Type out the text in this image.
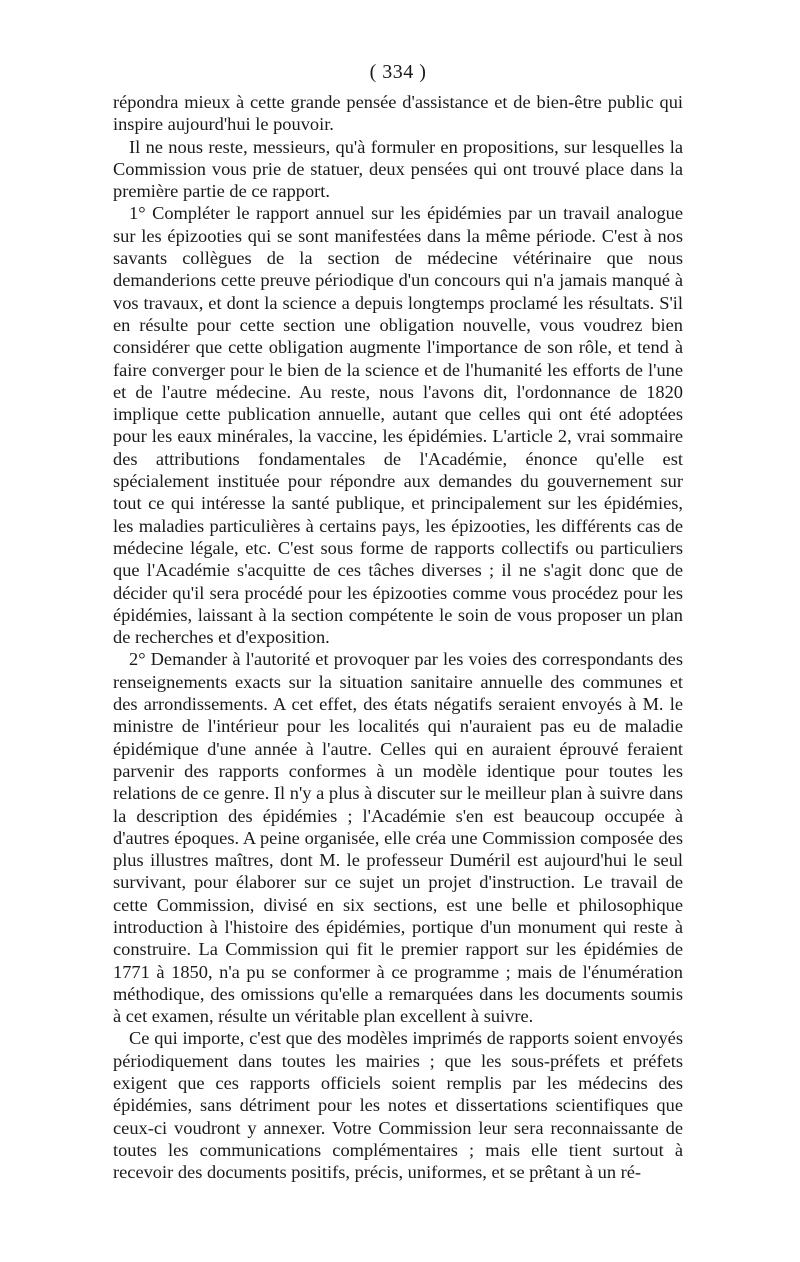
( 334 )

répondra mieux à cette grande pensée d'assistance et de bien-être public qui inspire aujourd'hui le pouvoir.

Il ne nous reste, messieurs, qu'à formuler en propositions, sur lesquelles la Commission vous prie de statuer, deux pensées qui ont trouvé place dans la première partie de ce rapport.

1° Compléter le rapport annuel sur les épidémies par un travail analogue sur les épizooties qui se sont manifestées dans la même période. C'est à nos savants collègues de la section de médecine vétérinaire que nous demanderions cette preuve périodique d'un concours qui n'a jamais manqué à vos travaux, et dont la science a depuis longtemps proclamé les résultats. S'il en résulte pour cette section une obligation nouvelle, vous voudrez bien considérer que cette obligation augmente l'importance de son rôle, et tend à faire converger pour le bien de la science et de l'humanité les efforts de l'une et de l'autre médecine. Au reste, nous l'avons dit, l'ordonnance de 1820 implique cette publication annuelle, autant que celles qui ont été adoptées pour les eaux minérales, la vaccine, les épidémies. L'article 2, vrai sommaire des attributions fondamentales de l'Académie, énonce qu'elle est spécialement instituée pour répondre aux demandes du gouvernement sur tout ce qui intéresse la santé publique, et principalement sur les épidémies, les maladies particulières à certains pays, les épizooties, les différents cas de médecine légale, etc. C'est sous forme de rapports collectifs ou particuliers que l'Académie s'acquitte de ces tâches diverses ; il ne s'agit donc que de décider qu'il sera procédé pour les épizooties comme vous procédez pour les épidémies, laissant à la section compétente le soin de vous proposer un plan de recherches et d'exposition.

2° Demander à l'autorité et provoquer par les voies des correspondants des renseignements exacts sur la situation sanitaire annuelle des communes et des arrondissements. A cet effet, des états négatifs seraient envoyés à M. le ministre de l'intérieur pour les localités qui n'auraient pas eu de maladie épidémique d'une année à l'autre. Celles qui en auraient éprouvé feraient parvenir des rapports conformes à un modèle identique pour toutes les relations de ce genre. Il n'y a plus à discuter sur le meilleur plan à suivre dans la description des épidémies ; l'Académie s'en est beaucoup occupée à d'autres époques. A peine organisée, elle créa une Commission composée des plus illustres maîtres, dont M. le professeur Duméril est aujourd'hui le seul survivant, pour élaborer sur ce sujet un projet d'instruction. Le travail de cette Commission, divisé en six sections, est une belle et philosophique introduction à l'histoire des épidémies, portique d'un monument qui reste à construire. La Commission qui fit le premier rapport sur les épidémies de 1771 à 1850, n'a pu se conformer à ce programme ; mais de l'énumération méthodique, des omissions qu'elle a remarquées dans les documents soumis à cet examen, résulte un véritable plan excellent à suivre.

Ce qui importe, c'est que des modèles imprimés de rapports soient envoyés périodiquement dans toutes les mairies ; que les sous-préfets et préfets exigent que ces rapports officiels soient remplis par les médecins des épidémies, sans détriment pour les notes et dissertations scientifiques que ceux-ci voudront y annexer. Votre Commission leur sera reconnaissante de toutes les communications complémentaires ; mais elle tient surtout à recevoir des documents positifs, précis, uniformes, et se prêtant à un ré-
